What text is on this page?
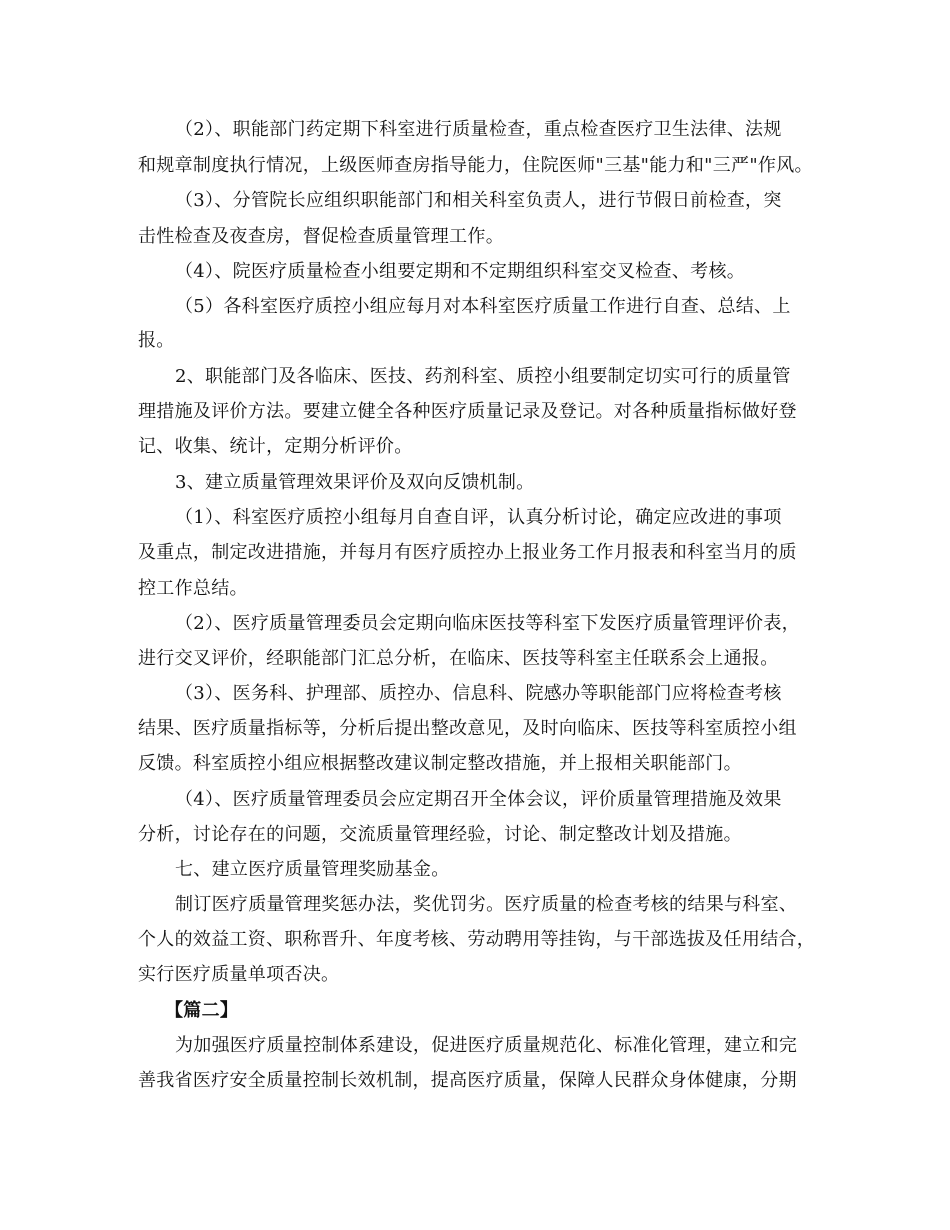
（2）、职能部门药定期下科室进行质量检查，重点检查医疗卫生法律、法规
和规章制度执行情况，上级医师查房指导能力，住院医师"三基"能力和"三严"作风。
（3）、分管院长应组织职能部门和相关科室负责人，进行节假日前检查，突
击性检查及夜查房，督促检查质量管理工作。
（4）、院医疗质量检查小组要定期和不定期组织科室交叉检查、考核。
（5）各科室医疗质控小组应每月对本科室医疗质量工作进行自查、总结、上
报。
2、职能部门及各临床、医技、药剂科室、质控小组要制定切实可行的质量管
理措施及评价方法。要建立健全各种医疗质量记录及登记。对各种质量指标做好登
记、收集、统计，定期分析评价。
3、建立质量管理效果评价及双向反馈机制。
（1）、科室医疗质控小组每月自查自评，认真分析讨论，确定应改进的事项
及重点，制定改进措施，并每月有医疗质控办上报业务工作月报表和科室当月的质
控工作总结。
（2）、医疗质量管理委员会定期向临床医技等科室下发医疗质量管理评价表，
进行交叉评价，经职能部门汇总分析，在临床、医技等科室主任联系会上通报。
（3）、医务科、护理部、质控办、信息科、院感办等职能部门应将检查考核
结果、医疗质量指标等，分析后提出整改意见，及时向临床、医技等科室质控小组
反馈。科室质控小组应根据整改建议制定整改措施，并上报相关职能部门。
（4）、医疗质量管理委员会应定期召开全体会议，评价质量管理措施及效果
分析，讨论存在的问题，交流质量管理经验，讨论、制定整改计划及措施。
七、建立医疗质量管理奖励基金。
制订医疗质量管理奖惩办法，奖优罚劣。医疗质量的检查考核的结果与科室、
个人的效益工资、职称晋升、年度考核、劳动聘用等挂钩，与干部选拔及任用结合，
实行医疗质量单项否决。
【篇二】
为加强医疗质量控制体系建设，促进医疗质量规范化、标准化管理，建立和完
善我省医疗安全质量控制长效机制，提高医疗质量，保障人民群众身体健康，分期
